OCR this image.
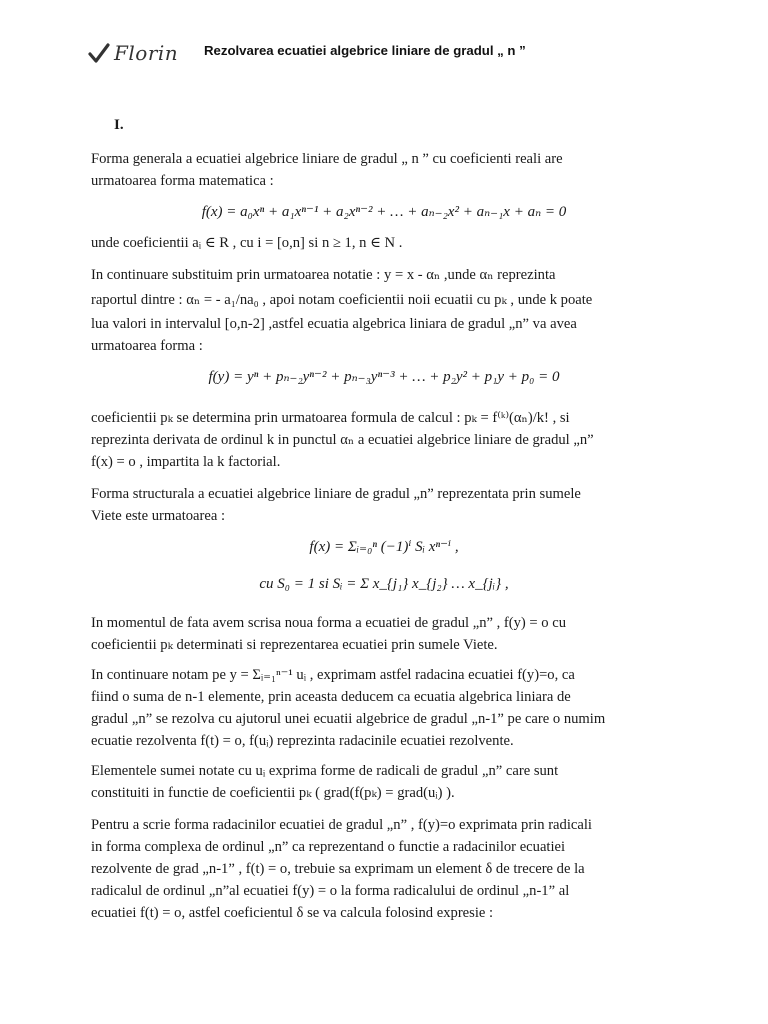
Florin Rezolvarea ecuatiei algebrice liniare de gradul „ n ”
I.
Forma generala a ecuatiei algebrice liniare de gradul „ n ” cu coeficienti reali are
urmatoarea forma matematica :
f(x) = a₀xⁿ + a₁xⁿ⁻¹ + a₂xⁿ⁻² + … + aₙ₋₂x² + aₙ₋₁x + aₙ = 0
unde coeficientii aᵢ ∈ R , cu i = [o,n] si n ≥ 1, n ∈ N .
In continuare substituim prin urmatoarea notatie : y = x - αₙ ,unde αₙ reprezinta
raportul dintre : αₙ = - a₁/na₀ , apoi notam coeficientii noii ecuatii cu pₖ , unde k poate
lua valori in intervalul [o,n-2] ,astfel ecuatia algebrica liniara de gradul „n” va avea
urmatoarea forma :
f(y) = yⁿ + pₙ₋₂yⁿ⁻² + pₙ₋₃yⁿ⁻³ + … + p₂y² + p₁y + p₀ = 0
coeficientii pₖ se determina prin urmatoarea formula de calcul : pₖ = f⁽ᵏ⁾(αₙ)/k! , si
reprezinta derivata de ordinul k in punctul αₙ a ecuatiei algebrice liniare de gradul „n”
f(x) = o , impartita la k factorial.
Forma structurala a ecuatiei algebrice liniare de gradul „n” reprezentata prin sumele
Viete este urmatoarea :
f(x) = Σᵢ₌₀ⁿ (−1)ⁱ Sᵢ xⁿ⁻ⁱ ,
cu S₀ = 1 si Sᵢ = Σ x_{j₁} x_{j₂} … x_{jᵢ} ,
In momentul de fata avem scrisa noua forma a ecuatiei de gradul „n” , f(y) = o cu
coeficientii pₖ determinati si reprezentarea ecuatiei prin sumele Viete.
In continuare notam pe y = Σᵢ₌₁ⁿ⁻¹ uᵢ , exprimam astfel radacina ecuatiei f(y)=o, ca
fiind o suma de n-1 elemente, prin aceasta deducem ca ecuatia algebrica liniara de
gradul „n” se rezolva cu ajutorul unei ecuatii algebrice de gradul „n-1” pe care o numim
ecuatie rezolventa f(t) = o, f(uᵢ) reprezinta radacinile ecuatiei rezolvente.
Elementele sumei notate cu uᵢ exprima forme de radicali de gradul „n” care sunt
constituiti in functie de coeficientii pₖ ( grad(f(pₖ) = grad(uᵢ) ).
Pentru a scrie forma radacinilor ecuatiei de gradul „n” , f(y)=o exprimata prin radicali
in forma complexa de ordinul „n” ca reprezentand o functie a radacinilor ecuatiei
rezolvente de grad „n-1” , f(t) = o, trebuie sa exprimam un element δ de trecere de la
radicalul de ordinul „n”al ecuatiei f(y) = o la forma radicalului de ordinul „n-1” al
ecuatiei f(t) = o, astfel coeficientul δ se va calcula folosind expresie :
